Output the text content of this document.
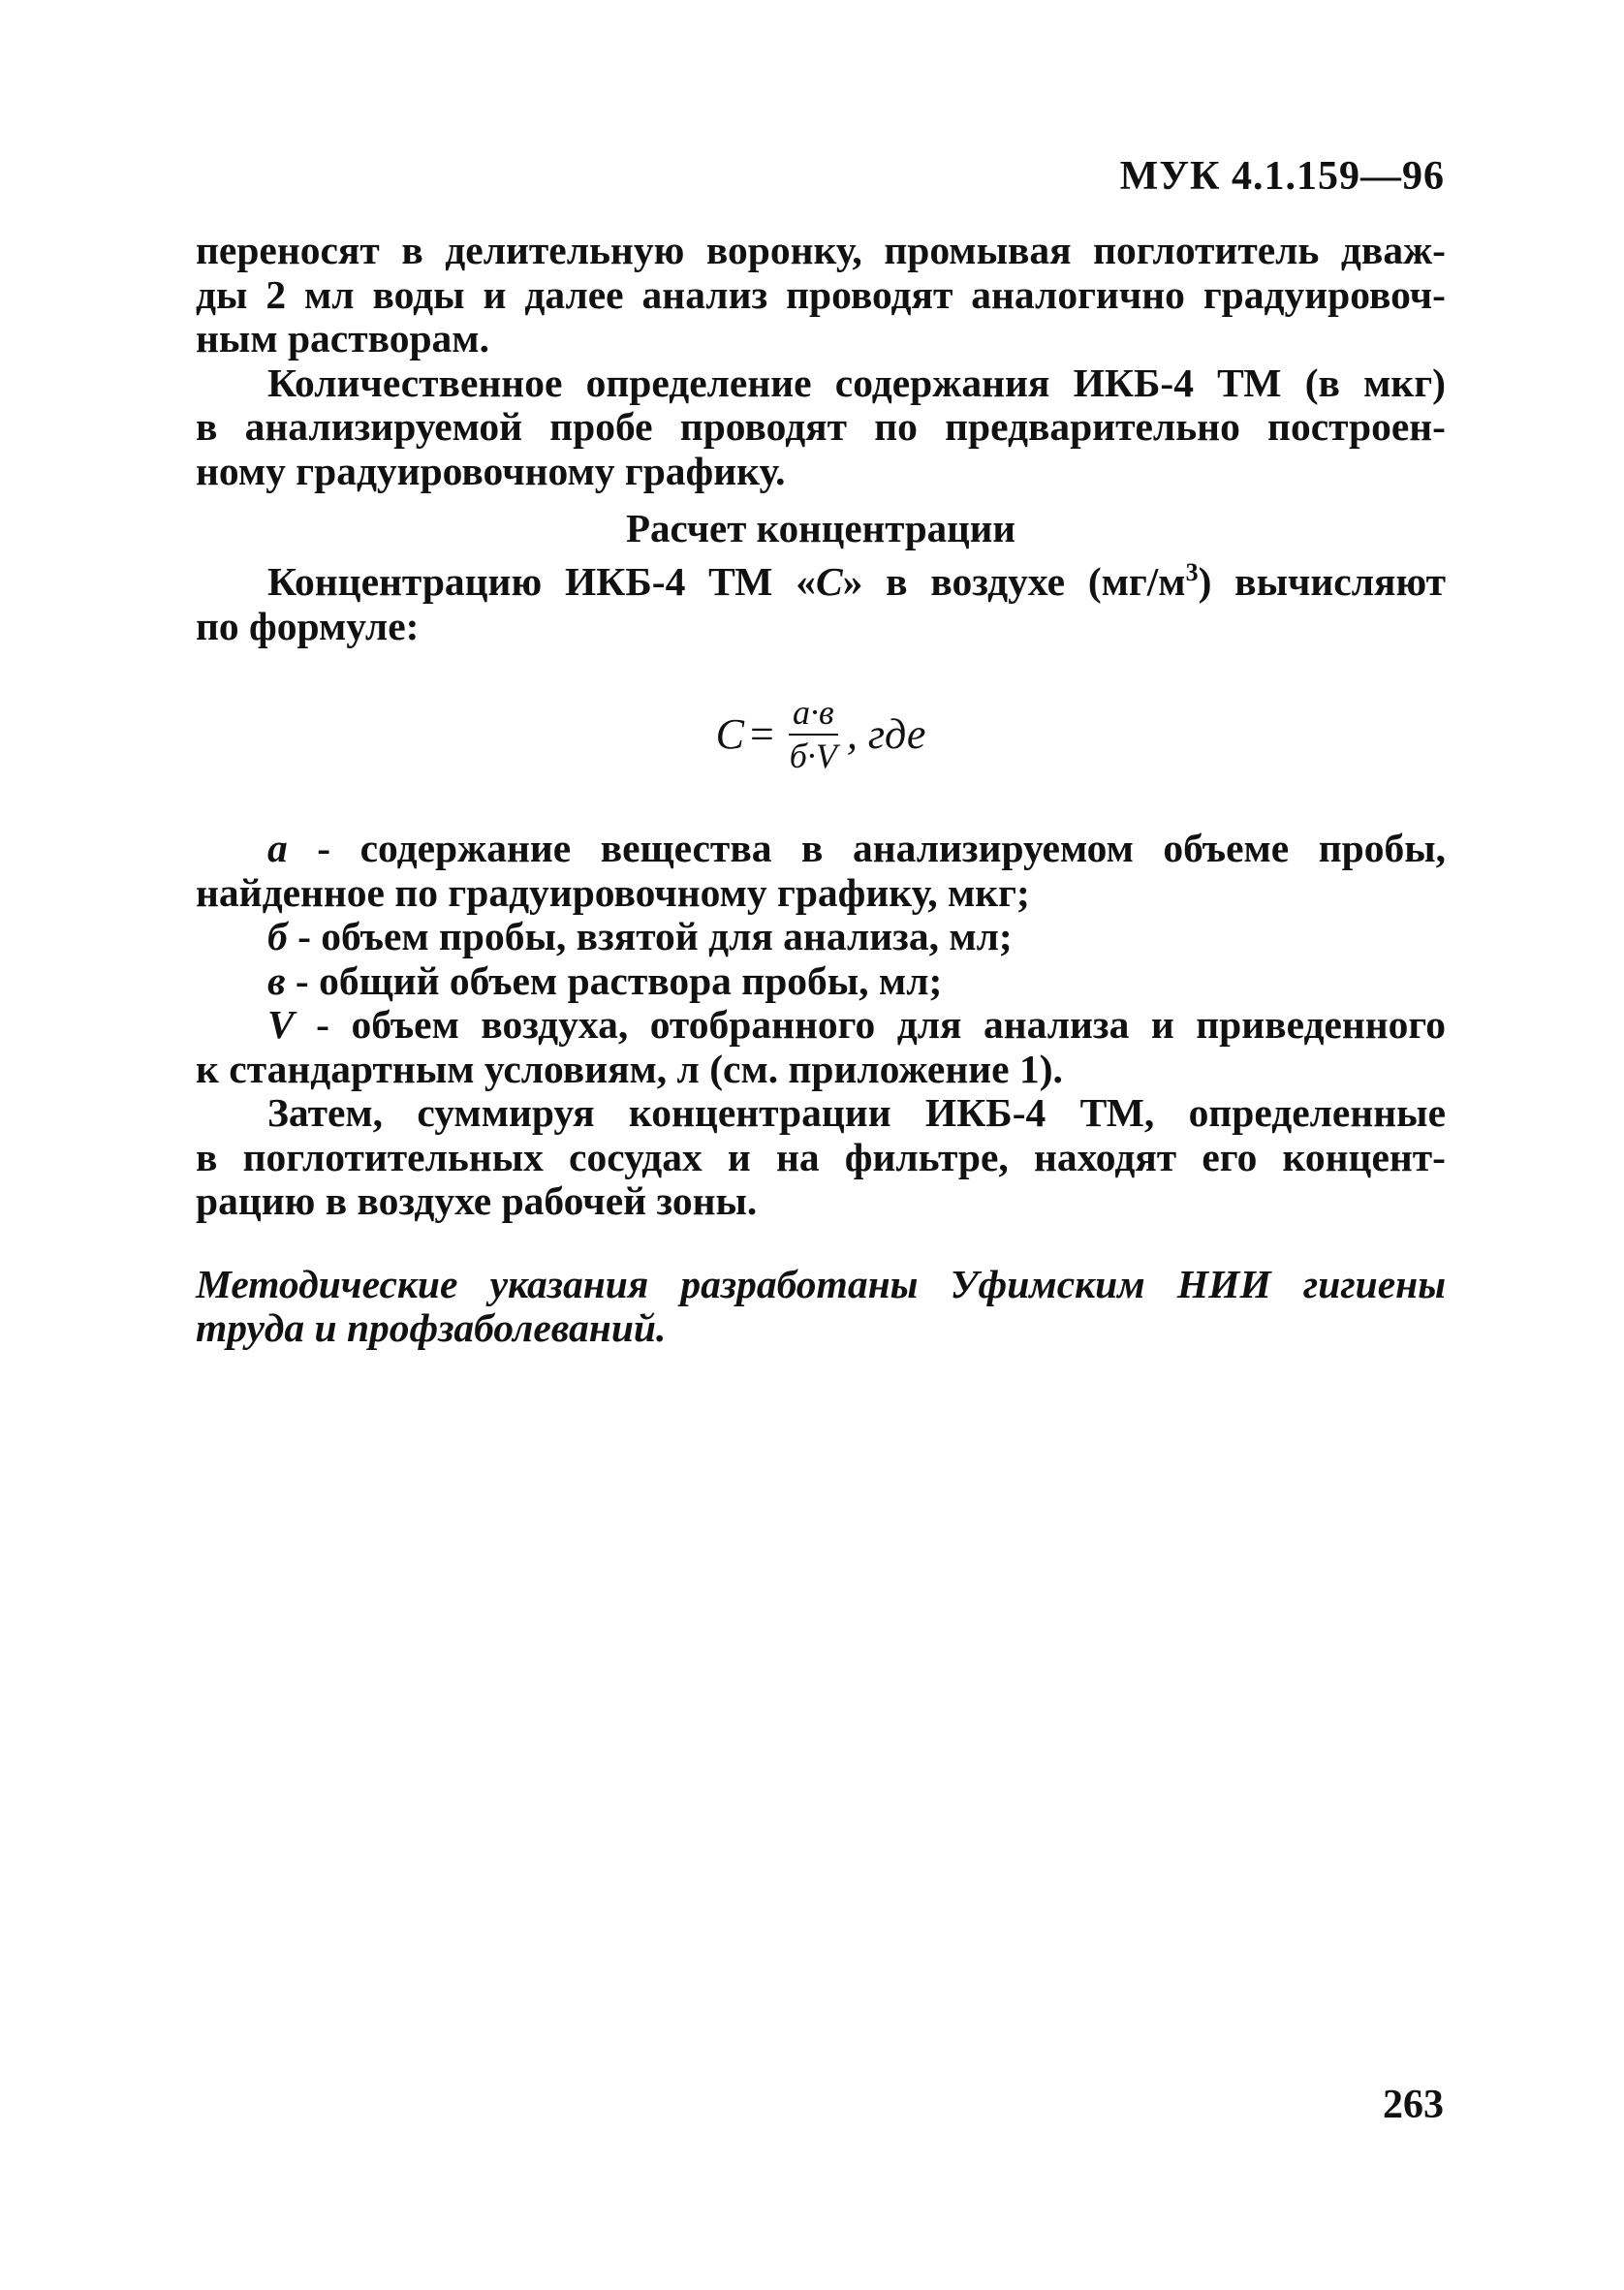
МУК 4.1.159—96
переносят в делительную воронку, промывая поглотитель дваж-
ды 2 мл воды и далее анализ проводят аналогично градуировоч-
ным растворам.
Количественное определение содержания ИКБ-4 ТМ (в мкг)
в анализируемой пробе проводят по предварительно построен-
ному градуировочному графику.
Расчет концентрации
Концентрацию ИКБ-4 ТМ «С» в воздухе $(мг/м^3)$ вычисляют
по формуле:
$С = \frac{а\cdot в}{б\cdot V}$ , где
а - содержание вещества в анализируемом объеме пробы,
найденное по градуировочному графику, мкг;
б - объем пробы, взятой для анализа, мл;
в - общий объем раствора пробы, мл;
V - объем воздуха, отобранного для анализа и приведенного
к стандартным условиям, л (см. приложение 1).
Затем, суммируя концентрации ИКБ-4 ТМ, определенные
в поглотительных сосудах и на фильтре, находят его концент-
рацию в воздухе рабочей зоны.
Методические указания разработаны Уфимским НИИ гигиены
труда и профзаболеваний.
263
